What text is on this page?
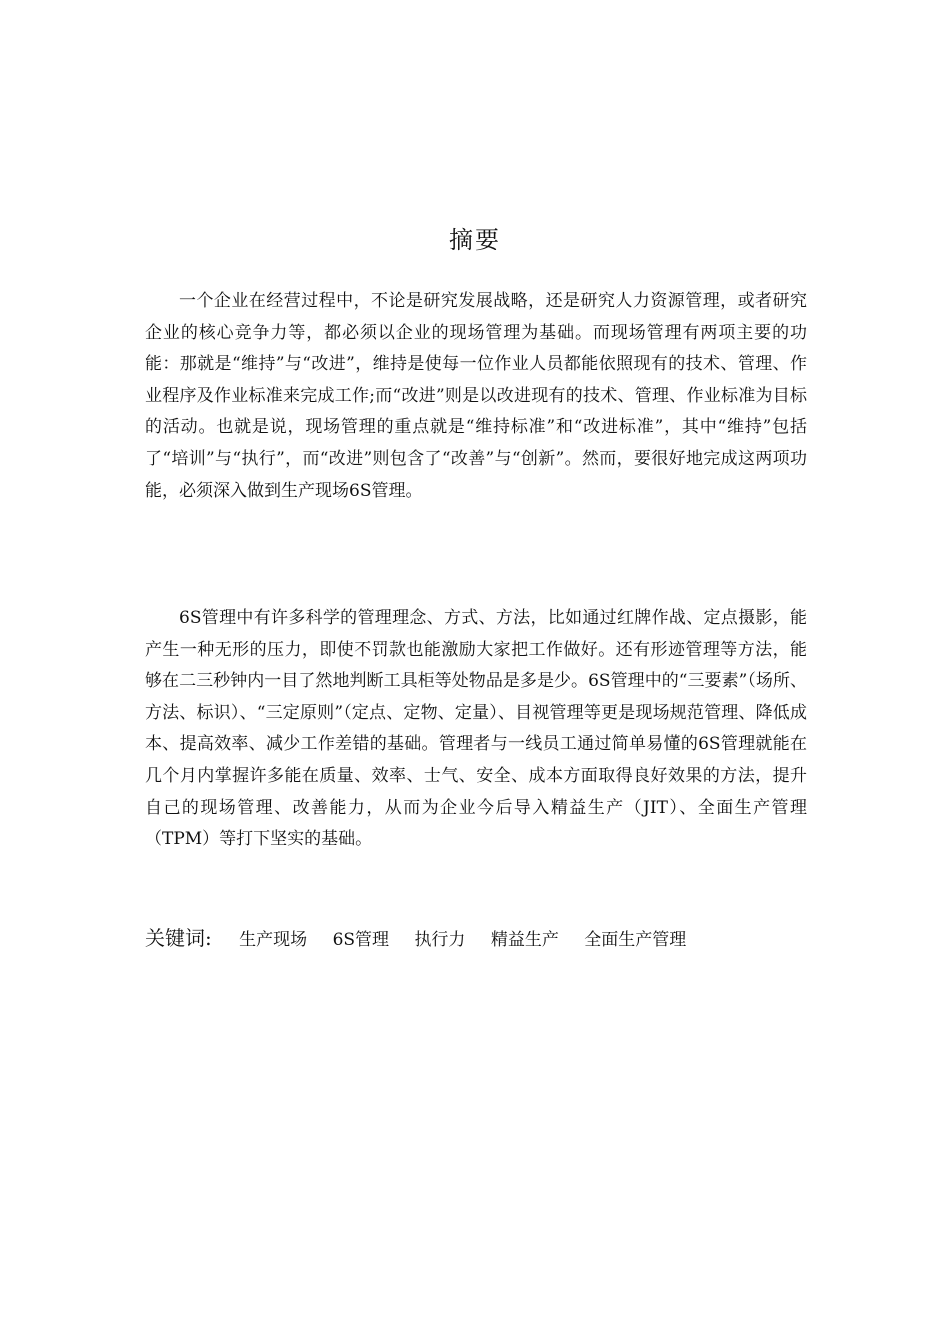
摘要

一个企业在经营过程中，不论是研究发展战略，还是研究人力资源管理，或者研究企业的核心竞争力等，都必须以企业的现场管理为基础。而现场管理有两项主要的功能：那就是“维持”与“改进”，维持是使每一位作业人员都能依照现有的技术、管理、作业程序及作业标准来完成工作;而“改进”则是以改进现有的技术、管理、作业标准为目标的活动。也就是说，现场管理的重点就是“维持标准”和“改进标准”，其中“维持”包括了“培训”与“执行”，而“改进”则包含了“改善”与“创新”。然而，要很好地完成这两项功能，必须深入做到生产现场6S管理。

6S管理中有许多科学的管理理念、方式、方法，比如通过红牌作战、定点摄影，能产生一种无形的压力，即使不罚款也能激励大家把工作做好。还有形迹管理等方法，能够在二三秒钟内一目了然地判断工具柜等处物品是多是少。6S管理中的“三要素”（场所、方法、标识）、“三定原则”（定点、定物、定量）、目视管理等更是现场规范管理、降低成本、提高效率、减少工作差错的基础。管理者与一线员工通过简单易懂的6S管理就能在几个月内掌握许多能在质量、效率、士气、安全、成本方面取得良好效果的方法，提升自己的现场管理、改善能力，从而为企业今后导入精益生产（JIT）、全面生产管理（TPM）等打下坚实的基础。

关键词: 生产现场 6S管理 执行力 精益生产 全面生产管理
